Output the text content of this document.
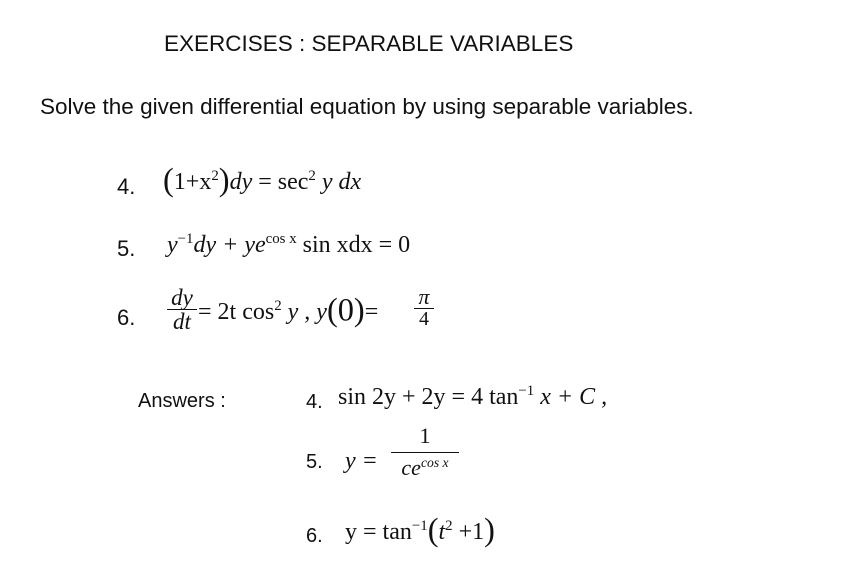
EXERCISES : SEPARABLE VARIABLES
Solve the given differential equation by using separable variables.
4. $(1+x^2)dy = \sec^2 y$ dx
5. $y^{-1}dy + ye^{cos x}$ sin xdx = 0
6.
dy
dt = 2t $\cos^2 y$ , y(0)=
π
4
Answers :	4. sin 2y + 2y = 4 $\tan^{-1} x + C$ ,
5. y =
1
$ce^{cos x}$
6. $y = \tan^{-1}(t^2 +1)$
